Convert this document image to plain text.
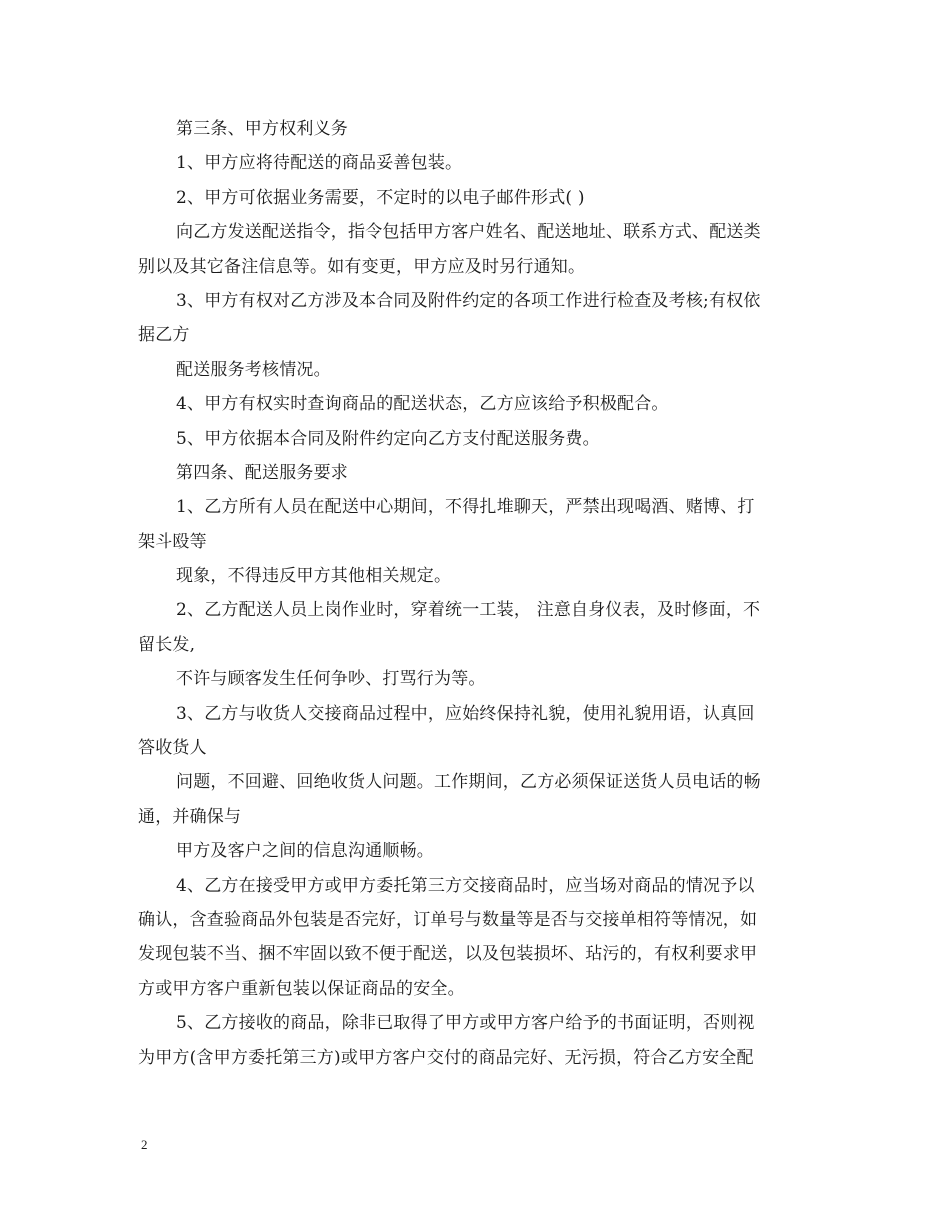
第三条、甲方权利义务
1、甲方应将待配送的商品妥善包装。
2、甲方可依据业务需要，不定时的以电子邮件形式( )
向乙方发送配送指令，指令包括甲方客户姓名、配送地址、联系方式、配送类
别以及其它备注信息等。如有变更，甲方应及时另行通知。
3、甲方有权对乙方涉及本合同及附件约定的各项工作进行检查及考核;有权依
据乙方
配送服务考核情况。
4、甲方有权实时查询商品的配送状态，乙方应该给予积极配合。
5、甲方依据本合同及附件约定向乙方支付配送服务费。
第四条、配送服务要求
1、乙方所有人员在配送中心期间，不得扎堆聊天，严禁出现喝酒、赌博、打
架斗殴等
现象，不得违反甲方其他相关规定。
2、乙方配送人员上岗作业时，穿着统一工装， 注意自身仪表，及时修面，不
留长发,
不许与顾客发生任何争吵、打骂行为等。
3、乙方与收货人交接商品过程中，应始终保持礼貌，使用礼貌用语，认真回
答收货人
问题，不回避、回绝收货人问题。工作期间，乙方必须保证送货人员电话的畅
通，并确保与
甲方及客户之间的信息沟通顺畅。
4、乙方在接受甲方或甲方委托第三方交接商品时，应当场对商品的情况予以
确认，含查验商品外包装是否完好，订单号与数量等是否与交接单相符等情况，如
发现包装不当、捆不牢固以致不便于配送，以及包装损坏、玷污的，有权利要求甲
方或甲方客户重新包装以保证商品的安全。
5、乙方接收的商品，除非已取得了甲方或甲方客户给予的书面证明，否则视
为甲方(含甲方委托第三方)或甲方客户交付的商品完好、无污损，符合乙方安全配
2
